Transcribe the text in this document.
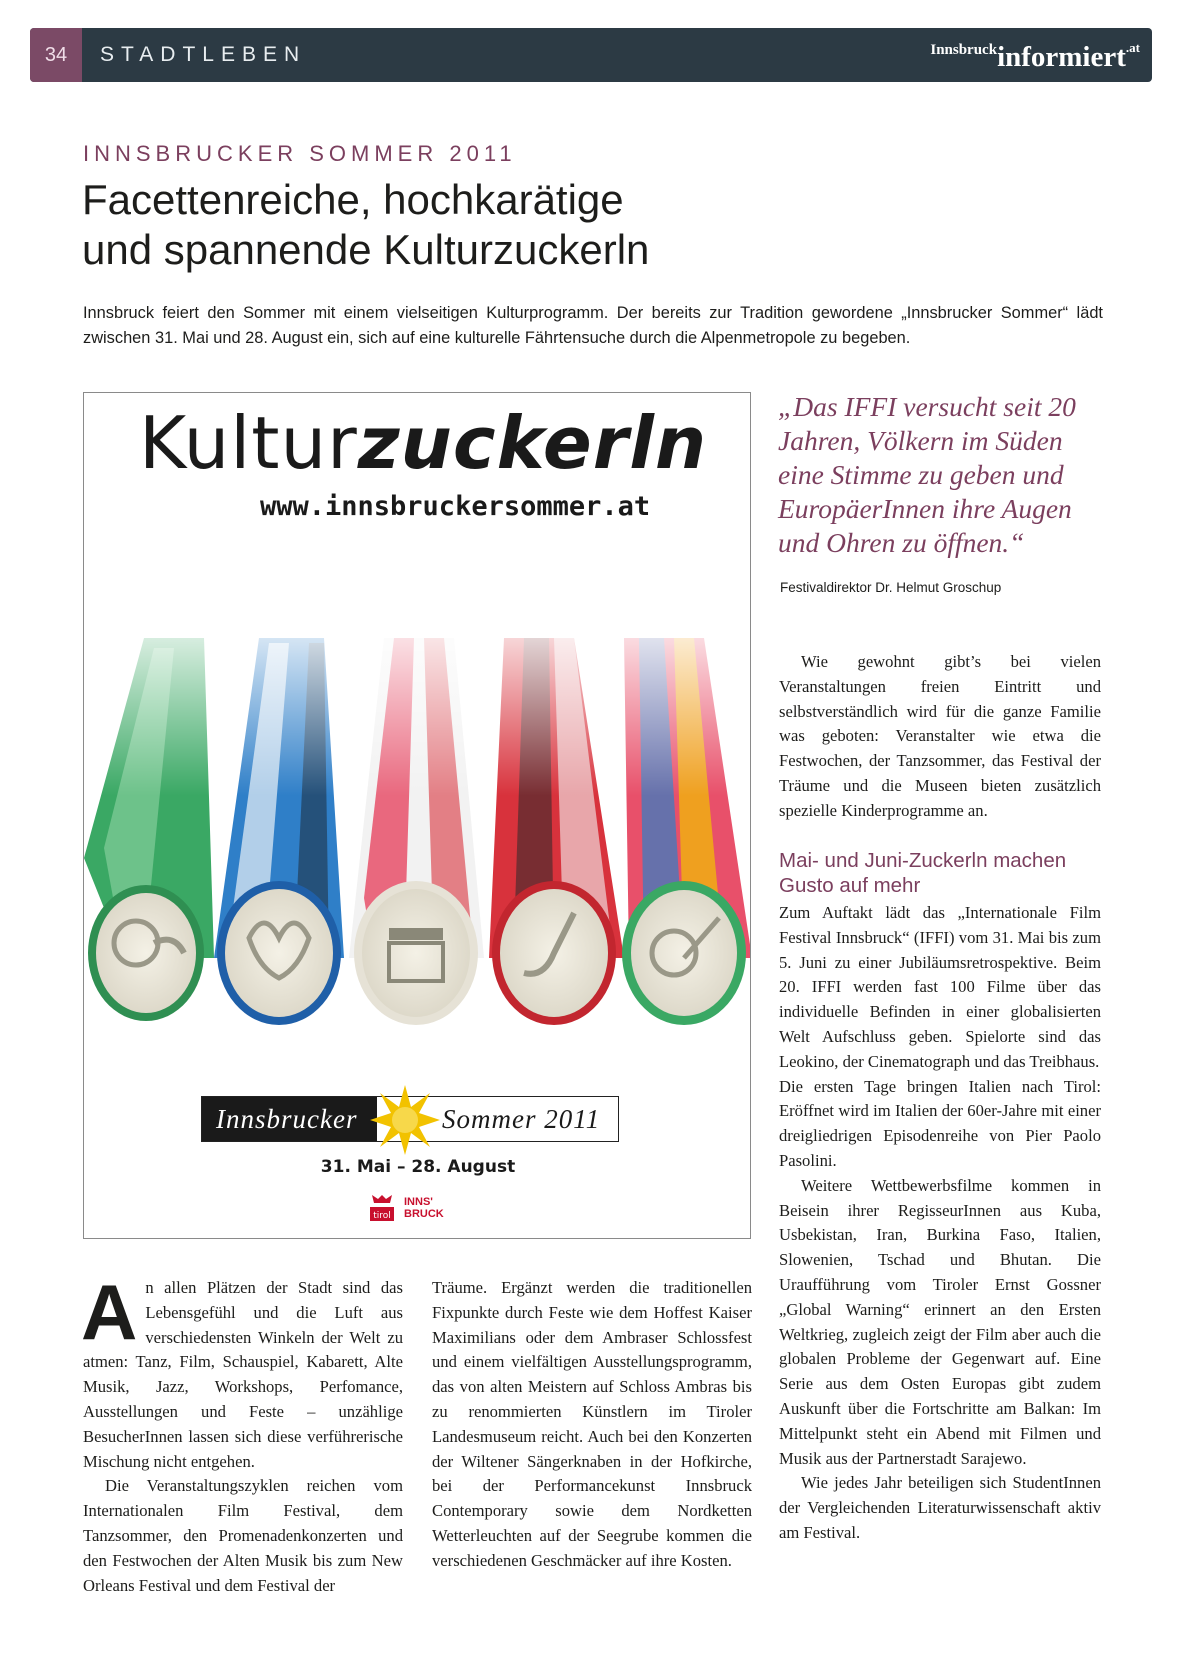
34	STADTLEBEN	Innsbruckinformiert$^{.at}$
INNSBRUCKER SOMMER 2011
Facettenreiche, hochkarätige
und spannende Kulturzuckerln

Innsbruck feiert den Sommer mit einem vielseitigen Kulturprogramm. Der bereits zur Tradition gewordene „Innsbrucker Sommer“ lädt zwischen 31. Mai und 28. August ein, sich auf eine kulturelle Fährtensuche durch die Alpenmetropole zu begeben.

Kulturzuckerln
www.innsbruckersommer.at
Innsbrucker	Sommer 2011
31. Mai – 28. August
tirol
INNS'
BRUCK
„Das IFFI versucht seit 20 Jahren, Völkern im Süden eine Stimme zu geben und EuropäerInnen ihre Augen und Ohren zu öffnen.“
Festivaldirektor Dr. Helmut Groschup

An allen Plätzen der Stadt sind das Lebensgefühl und die Luft aus verschiedensten Winkeln der Welt zu atmen: Tanz, Film, Schauspiel, Kabarett, Alte Musik, Jazz, Workshops, Perfomance, Ausstellungen und Feste – unzählige BesucherInnen lassen sich diese verführerische Mischung nicht entgehen.

Die Veranstaltungszyklen reichen vom Internationalen Film Festival, dem Tanzsommer, den Promenadenkonzerten und den Festwochen der Alten Musik bis zum New Orleans Festival und dem Festival der

Träume. Ergänzt werden die traditionellen Fixpunkte durch Feste wie dem Hoffest Kaiser Maximilians oder dem Ambraser Schlossfest und einem vielfältigen Ausstellungsprogramm, das von alten Meistern auf Schloss Ambras bis zu renommierten Künstlern im Tiroler Landesmuseum reicht. Auch bei den Konzerten der Wiltener Sängerknaben in der Hofkirche, bei der Performancekunst Innsbruck Contemporary sowie dem Nordketten Wetterleuchten auf der Seegrube kommen die verschiedenen Geschmäcker auf ihre Kosten.

Wie gewohnt gibt’s bei vielen Veranstaltungen freien Eintritt und selbstverständlich wird für die ganze Familie was geboten: Veranstalter wie etwa die Festwochen, der Tanzsommer, das Festival der Träume und die Museen bieten zusätzlich spezielle Kinderprogramme an.

Mai- und Juni-Zuckerln machen Gusto auf mehr

Zum Auftakt lädt das „Internationale Film Festival Innsbruck“ (IFFI) vom 31. Mai bis zum 5. Juni zu einer Jubiläumsretrospektive. Beim 20. IFFI werden fast 100 Filme über das individuelle Befinden in einer globalisierten Welt Aufschluss geben. Spielorte sind das Leokino, der Cinematograph und das Treibhaus.

Die ersten Tage bringen Italien nach Tirol: Eröffnet wird im Italien der 60er-Jahre mit einer dreigliedrigen Episodenreihe von Pier Paolo Pasolini.

Weitere Wettbewerbsfilme kommen in Beisein ihrer RegisseurInnen aus Kuba, Usbekistan, Iran, Burkina Faso, Italien, Slowenien, Tschad und Bhutan. Die Uraufführung vom Tiroler Ernst Gossner „Global Warning“ erinnert an den Ersten Weltkrieg, zugleich zeigt der Film aber auch die globalen Probleme der Gegenwart auf. Eine Serie aus dem Osten Europas gibt zudem Auskunft über die Fortschritte am Balkan: Im Mittelpunkt steht ein Abend mit Filmen und Musik aus der Partnerstadt Sarajewo.

Wie jedes Jahr beteiligen sich StudentInnen der Vergleichenden Literaturwissenschaft aktiv am Festival.
